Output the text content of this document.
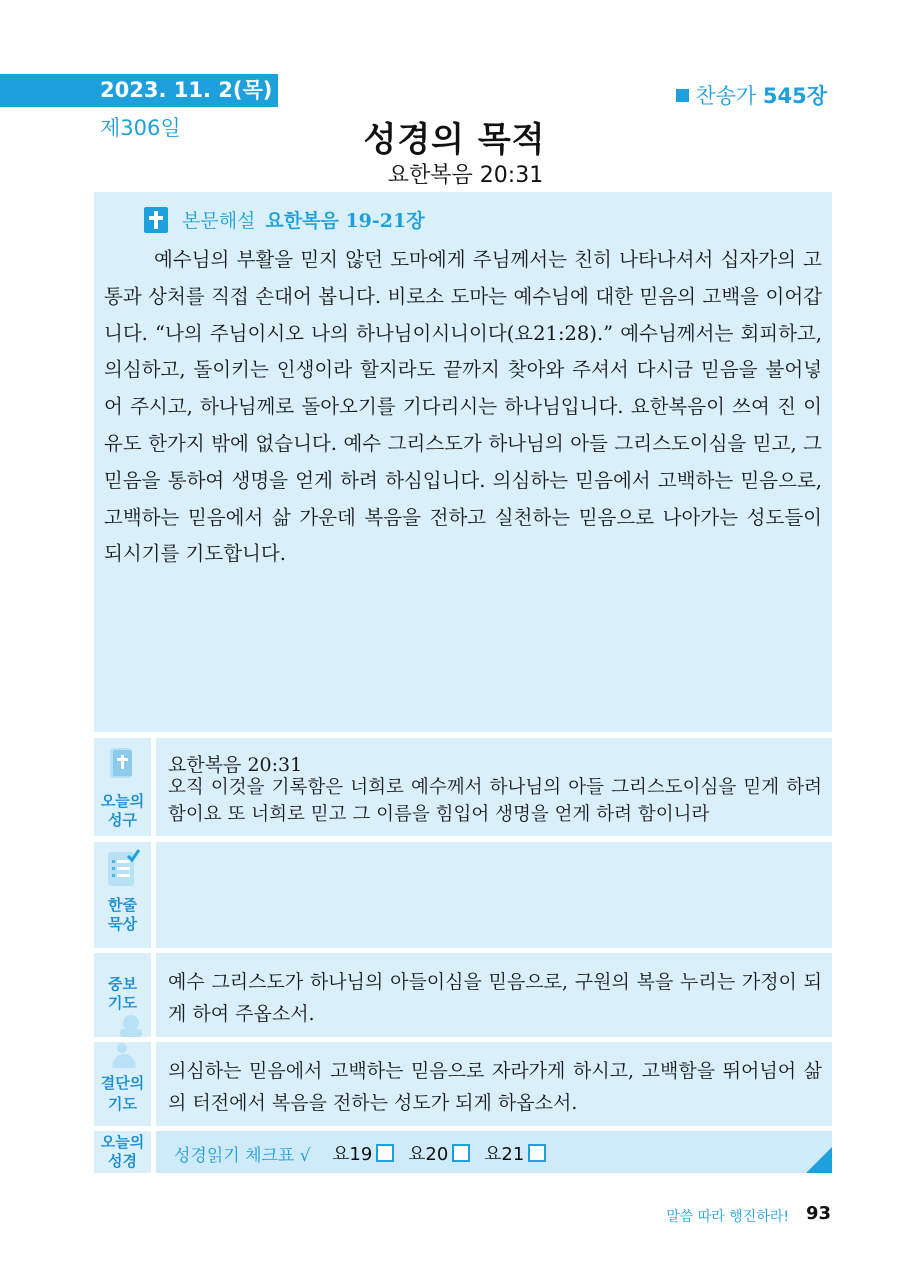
2023. 11. 2(목)
제306일
찬송가 545장
성경의 목적
요한복음 20:31
본문해설 요한복음 19-21장
예수님의 부활을 믿지 않던 도마에게 주님께서는 친히 나타나셔서 십자가의 고통과 상처를 직접 손대어 봅니다. 비로소 도마는 예수님에 대한 믿음의 고백을 이어갑니다. “나의 주님이시오 나의 하나님이시니이다(요21:28).” 예수님께서는 회피하고, 의심하고, 돌이키는 인생이라 할지라도 끝까지 찾아와 주셔서 다시금 믿음을 불어넣어 주시고, 하나님께로 돌아오기를 기다리시는 하나님입니다. 요한복음이 쓰여 진 이유도 한가지 밖에 없습니다. 예수 그리스도가 하나님의 아들 그리스도이심을 믿고, 그 믿음을 통하여 생명을 얻게 하려 하심입니다. 의심하는 믿음에서 고백하는 믿음으로, 고백하는 믿음에서 삶 가운데 복음을 전하고 실천하는 믿음으로 나아가는 성도들이 되시기를 기도합니다.
오늘의
성구
요한복음 20:31
오직 이것을 기록함은 너희로 예수께서 하나님의 아들 그리스도이심을 믿게 하려 함이요 또 너희로 믿고 그 이름을 힘입어 생명을 얻게 하려 함이니라
한줄
묵상
중보
기도
예수 그리스도가 하나님의 아들이심을 믿음으로, 구원의 복을 누리는 가정이 되게 하여 주옵소서.
결단의
기도
의심하는 믿음에서 고백하는 믿음으로 자라가게 하시고, 고백함을 뛰어넘어 삶의 터전에서 복음을 전하는 성도가 되게 하옵소서.
오늘의
성경	성경읽기 체크표 √ 요19 요20 요21
말씀 따라 행진하라! 93
